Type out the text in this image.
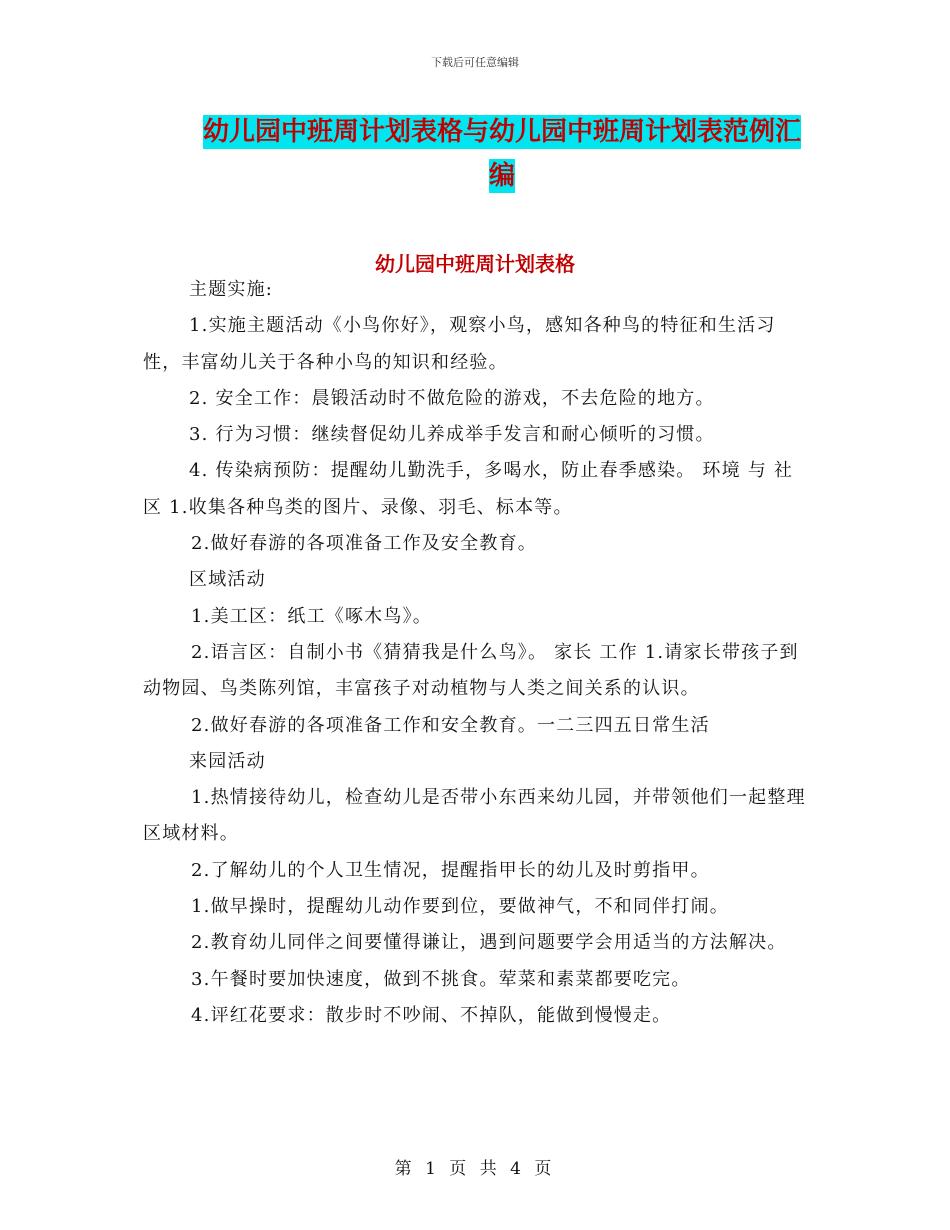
下载后可任意编辑
幼儿园中班周计划表格与幼儿园中班周计划表范例汇编
幼儿园中班周计划表格

主题实施:

1.实施主题活动《小鸟你好》，观察小鸟，感知各种鸟的特征和生活习性，丰富幼儿关于各种小鸟的知识和经验。

2. 安全工作：晨锻活动时不做危险的游戏，不去危险的地方。

3. 行为习惯：继续督促幼儿养成举手发言和耐心倾听的习惯。

4. 传染病预防：提醒幼儿勤洗手，多喝水，防止春季感染。 环境 与 社区 1.收集各种鸟类的图片、录像、羽毛、标本等。

2.做好春游的各项准备工作及安全教育。

区域活动

1.美工区：纸工《啄木鸟》。

2.语言区：自制小书《猜猜我是什么鸟》。 家长 工作 1.请家长带孩子到动物园、鸟类陈列馆，丰富孩子对动植物与人类之间关系的认识。

2.做好春游的各项准备工作和安全教育。一二三四五日常生活

来园活动

1.热情接待幼儿，检查幼儿是否带小东西来幼儿园，并带领他们一起整理区域材料。

2.了解幼儿的个人卫生情况，提醒指甲长的幼儿及时剪指甲。

1.做早操时，提醒幼儿动作要到位，要做神气，不和同伴打闹。

2.教育幼儿同伴之间要懂得谦让，遇到问题要学会用适当的方法解决。

3.午餐时要加快速度，做到不挑食。荤菜和素菜都要吃完。

4.评红花要求：散步时不吵闹、不掉队，能做到慢慢走。

第 1 页 共 4 页
